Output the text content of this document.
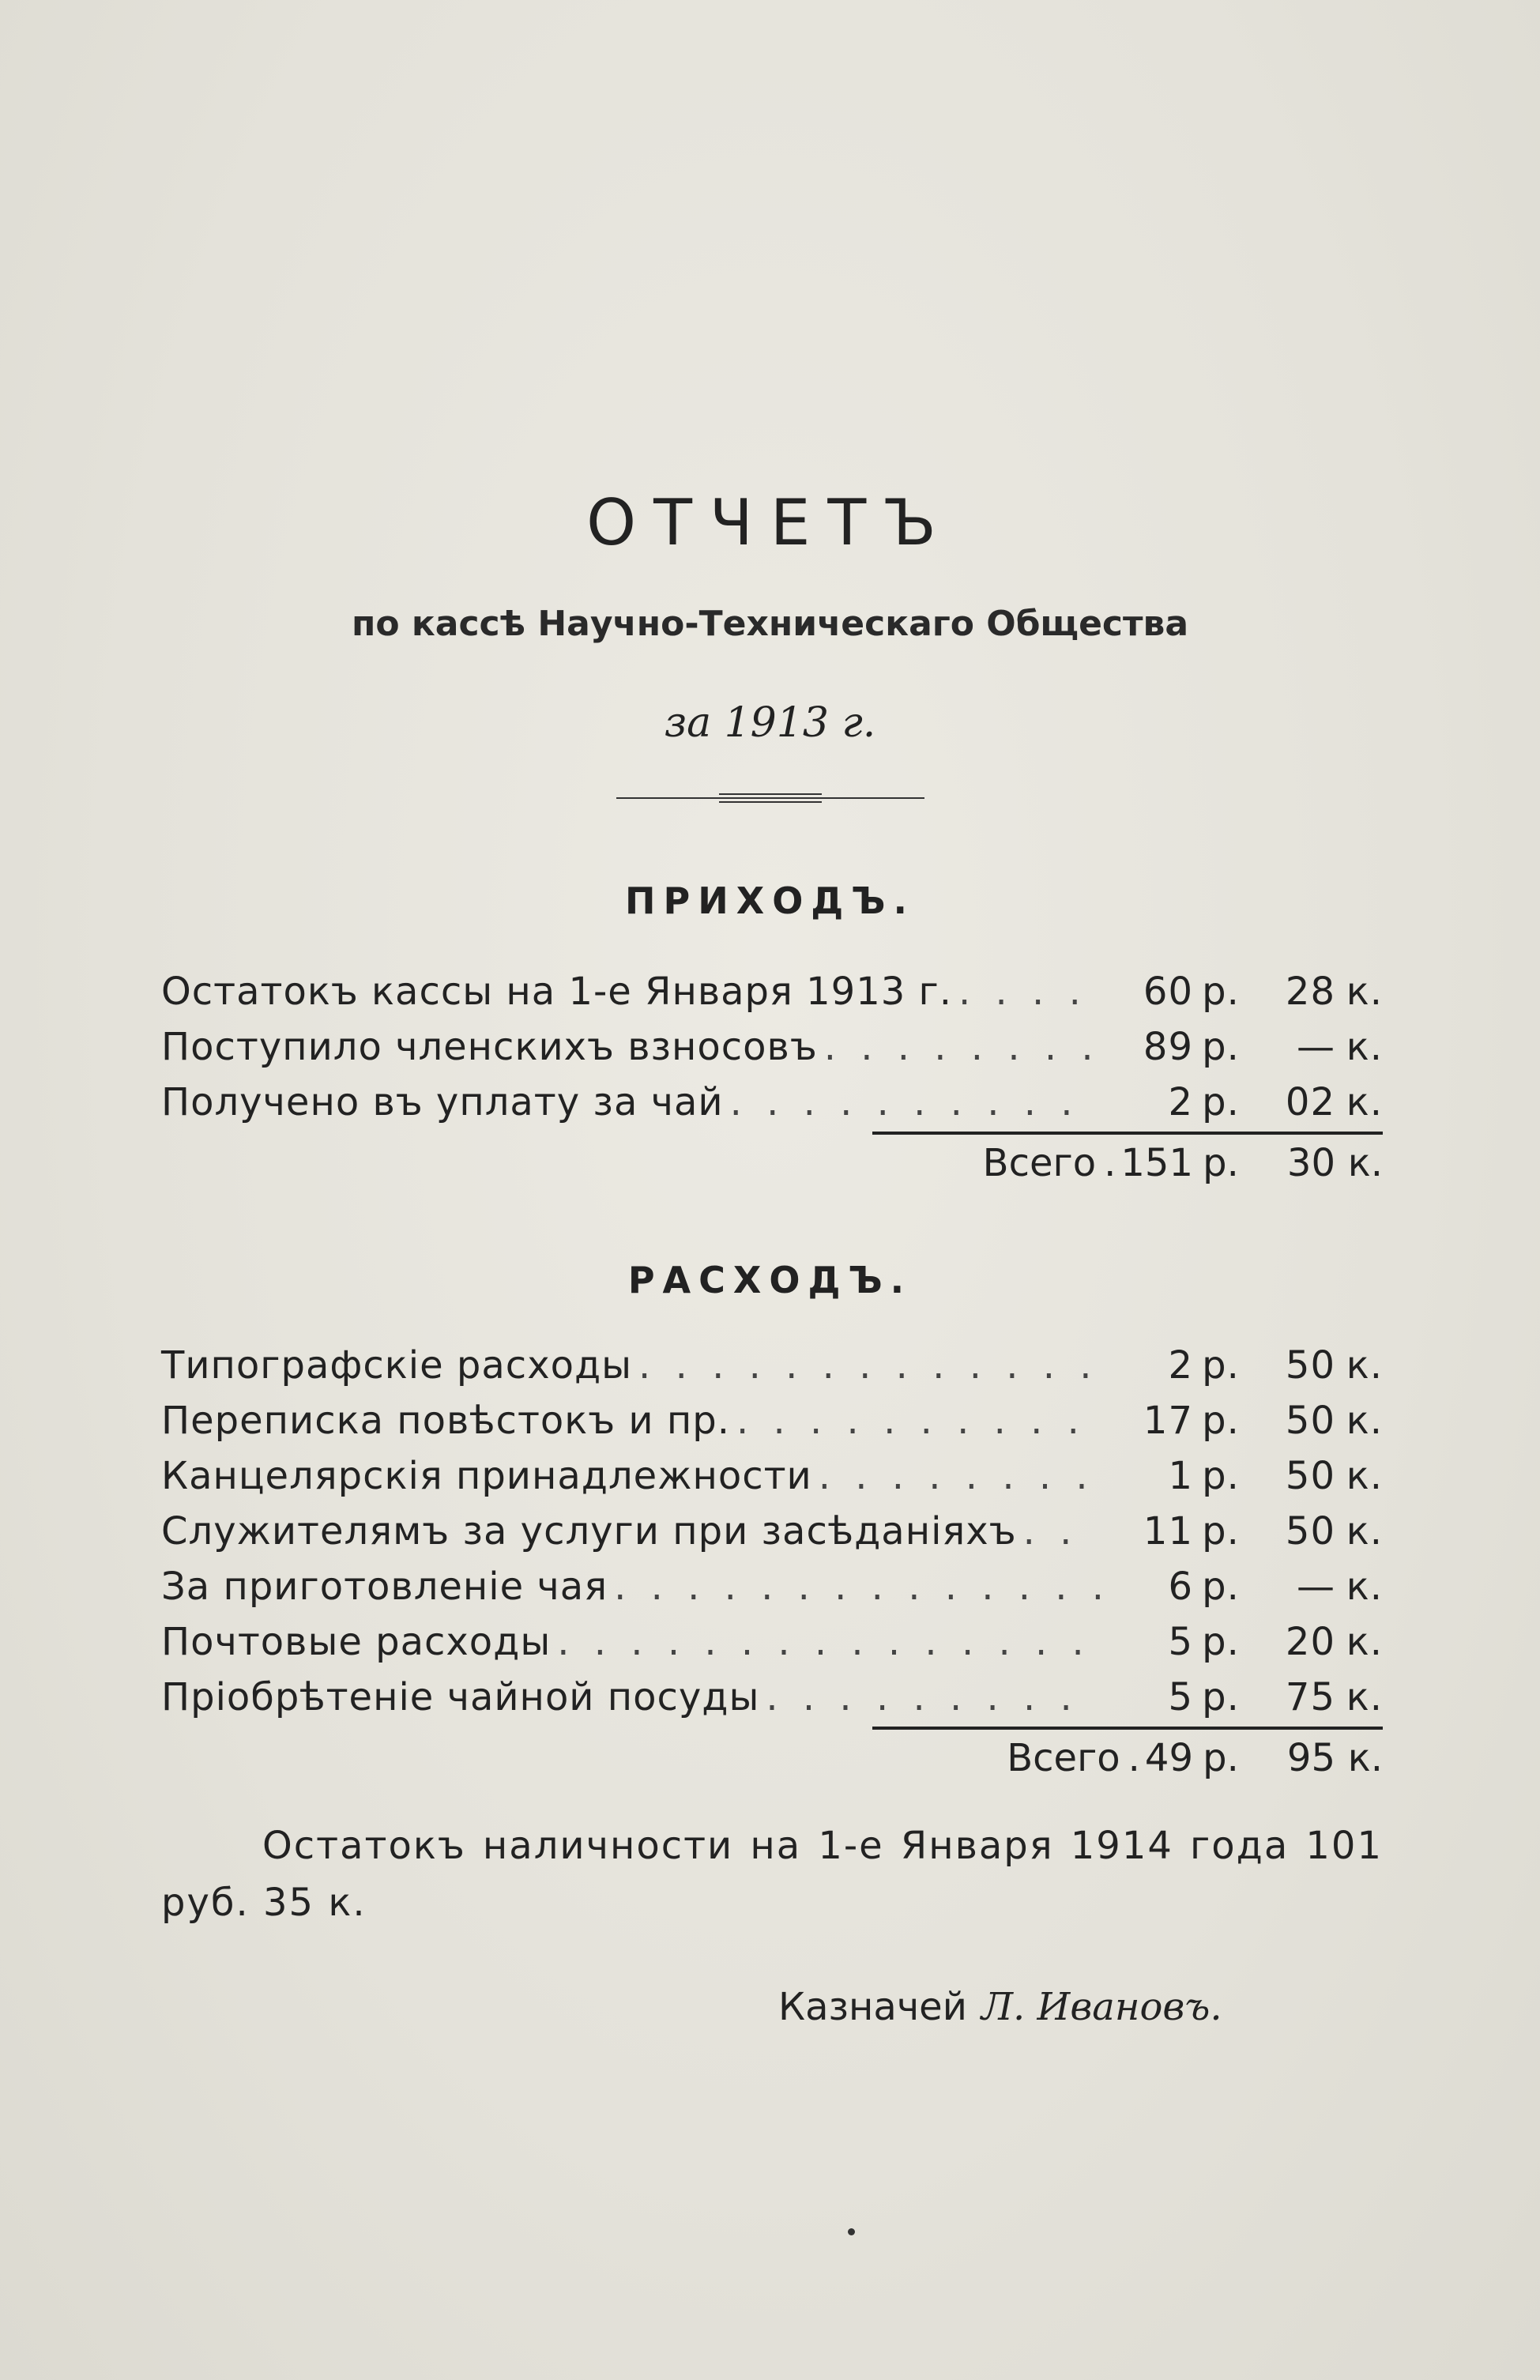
ОТЧЕТЪ
по кассѣ Научно-Техническаго Общества
за 1913 г.
ПРИХОДЪ.
Остатокъ кассы на 1-е Января 1913 г. . . .	60 р.	28 к.
Поступило членскихъ взносовъ . . .	89 р.	— к.
Получено въ уплату за чай . . .	2 р.	02 к.
Всего . 151 р.	30 к.
РАСХОДЪ.
Типографскіе расходы . . .	2 р.	50 к.
Переписка повѣстокъ и пр. . . .	17 р.	50 к.
Канцелярскія принадлежности . . .	1 р.	50 к.
Служителямъ за услуги при засѣданіяхъ . . .	11 р.	50 к.
За приготовленіе чая . . .	6 р.	— к.
Почтовые расходы . . .	5 р.	20 к.
Пріобрѣтеніе чайной посуды . . .	5 р.	75 к.
Всего . 49 р.	95 к.
Остатокъ наличности на 1-е Января 1914 года 101 руб. 35 к.
Казначей Л. Ивановъ.
